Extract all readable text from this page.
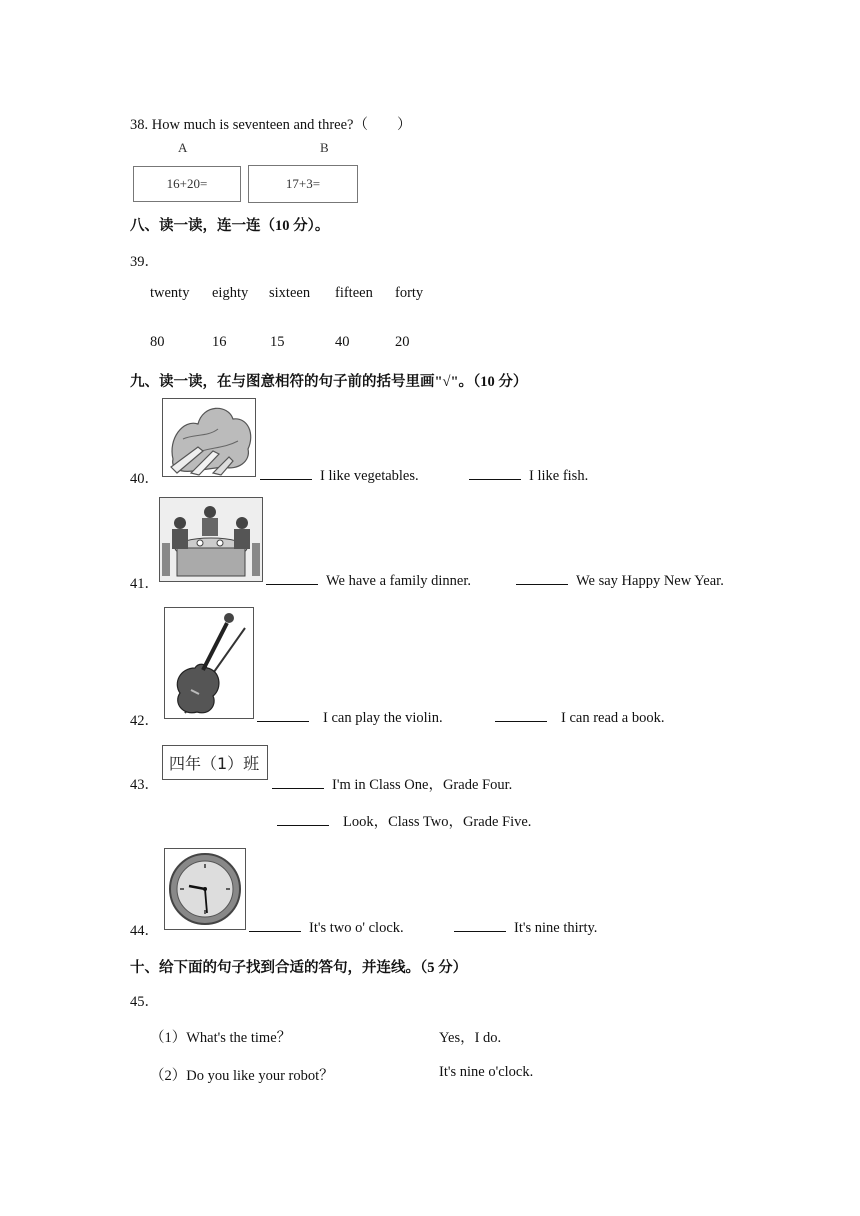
38. How much is seventeen and three?（　　）
A	B
16+20=	17+3=
八、读一读，连一连（10 分）。
39．
twenty eighty sixteen fifteen forty
80	16	15	40	20
九、读一读，在与图意相符的句子前的括号里画"√"。（10 分）
40．	I like vegetables.	I like fish.
41．	We have a family dinner.	We say Happy New Year.
42．	I can play the violin.	I can read a book.
四年（1）班
43．	I'm in Class One，Grade Four.
Look，Class Two，Grade Five.
44．	It's two o' clock.	It's nine thirty.
十、给下面的句子找到合适的答句，并连线。（5 分）
45．
（1）What's the time？
（2）Do you like your robot？
Yes，I do.
It's nine o'clock.
